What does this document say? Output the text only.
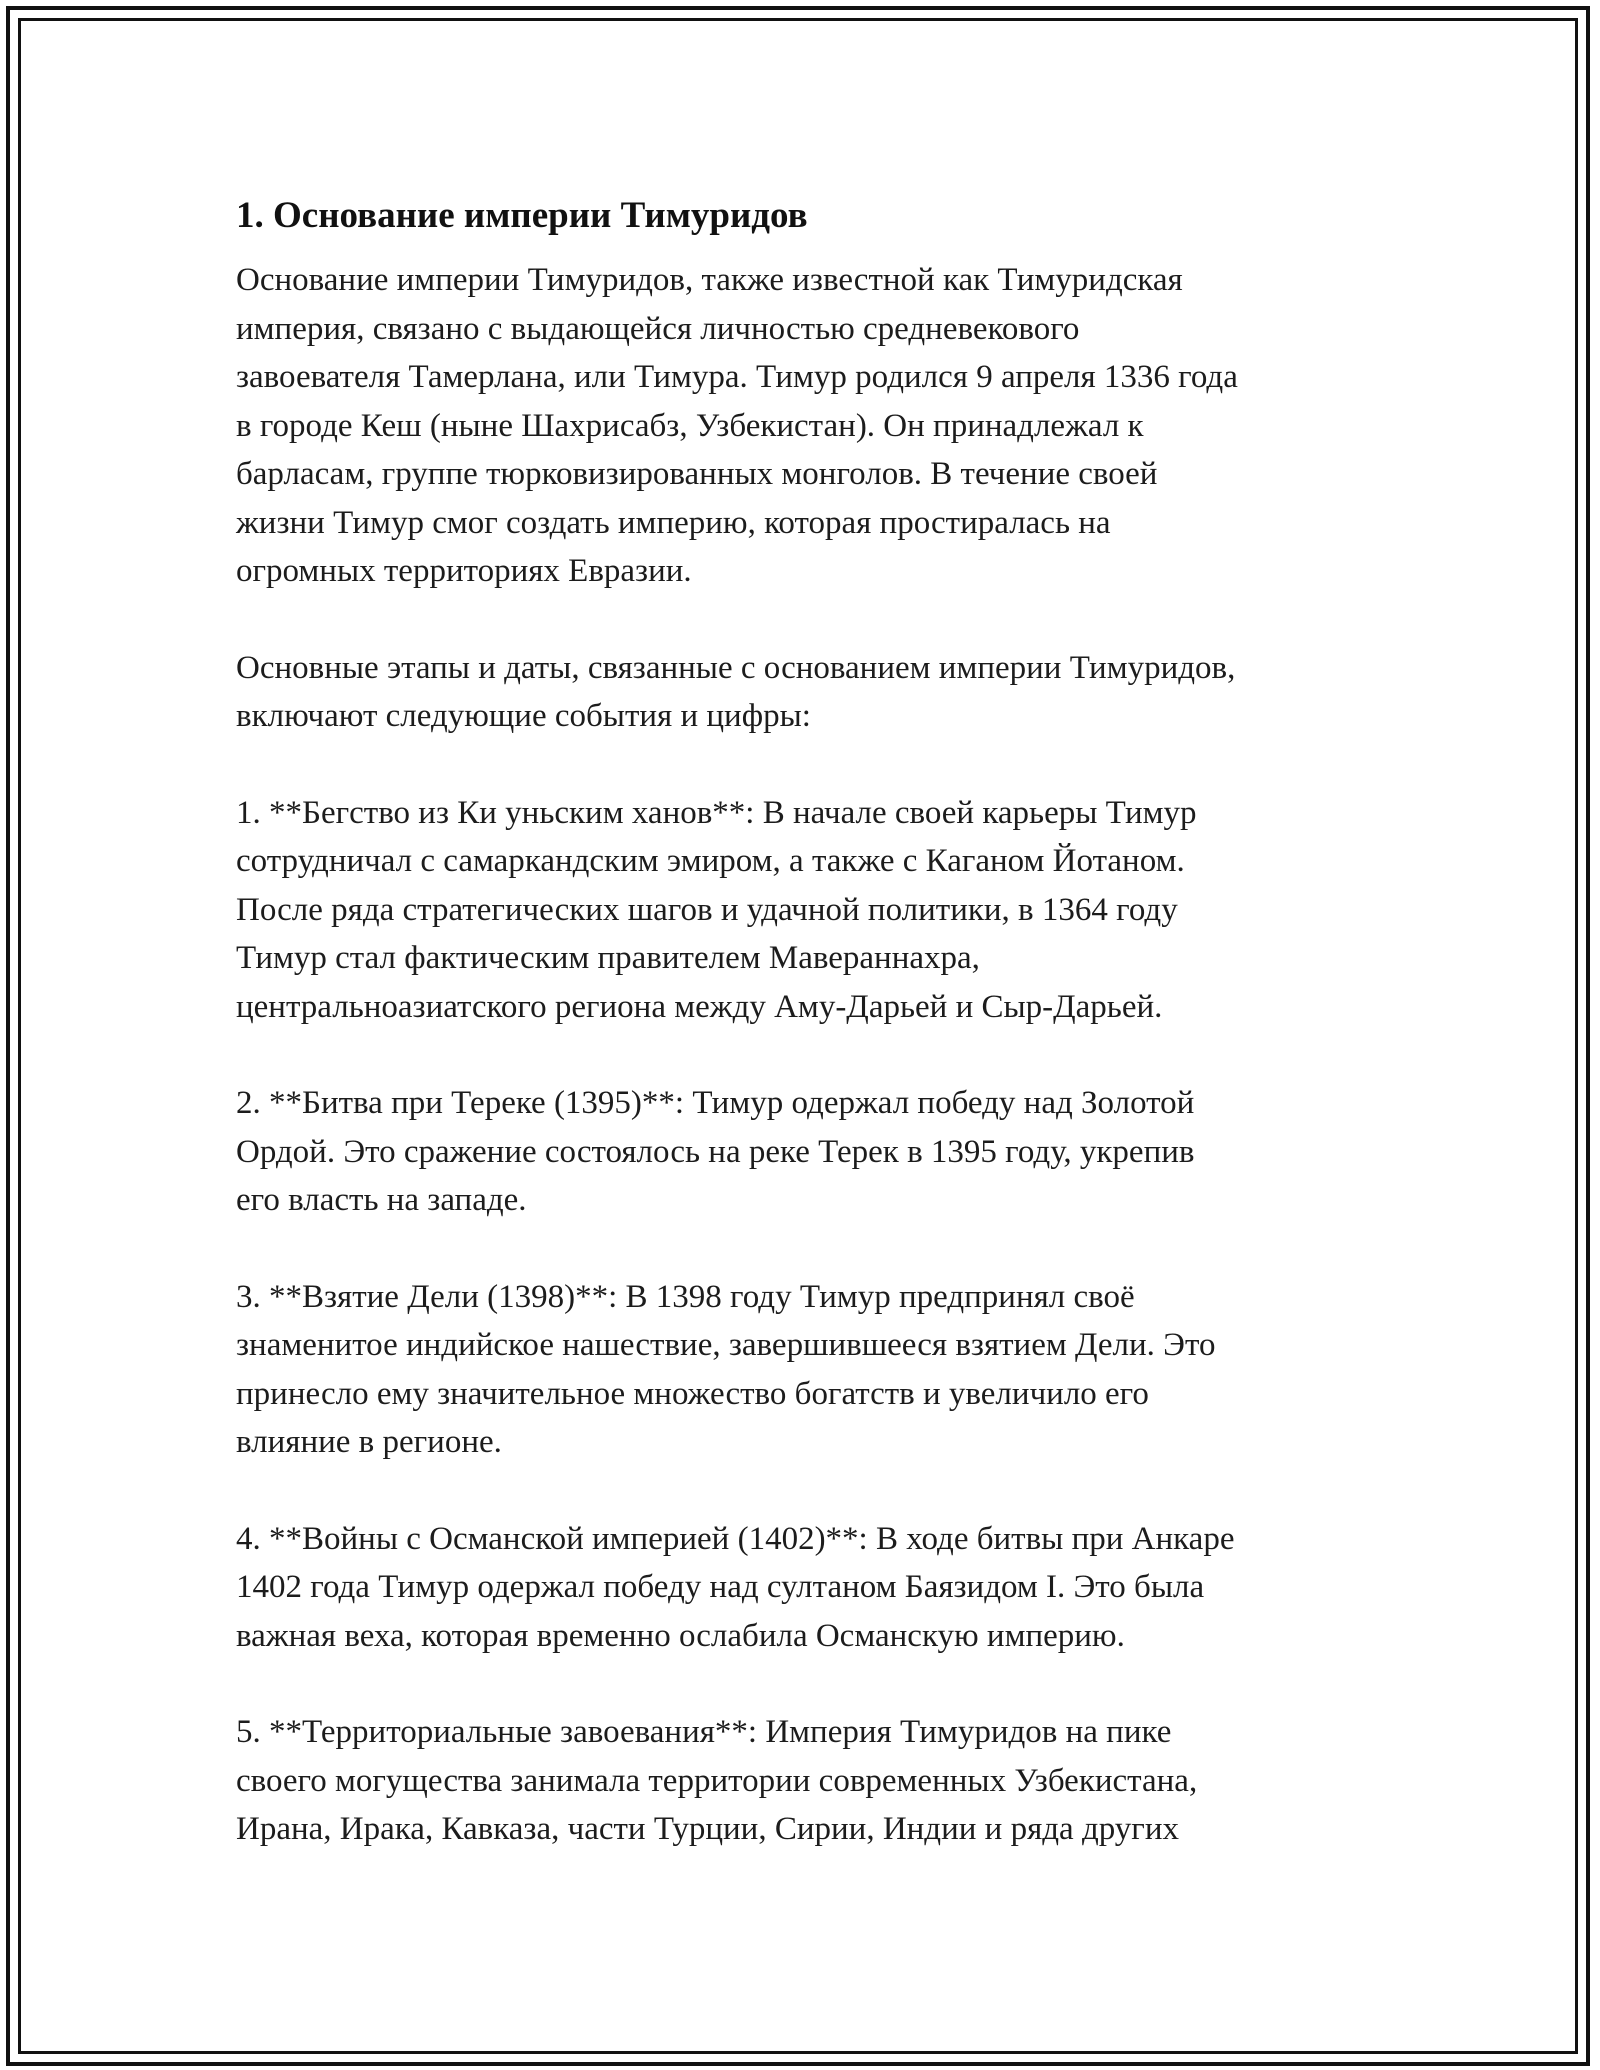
1. Основание империи Тимуридов

Основание империи Тимуридов, также известной как Тимуридская
империя, связано с выдающейся личностью средневекового
завоевателя Тамерлана, или Тимура. Тимур родился 9 апреля 1336 года
в городе Кеш (ныне Шахрисабз, Узбекистан). Он принадлежал к
барласам, группе тюрковизированных монголов. В течение своей
жизни Тимур смог создать империю, которая простиралась на
огромных территориях Евразии.

Основные этапы и даты, связанные с основанием империи Тимуридов,
включают следующие события и цифры:

1. **Бегство из Ки уньским ханов**: В начале своей карьеры Тимур
сотрудничал с самаркандским эмиром, а также с Каганом Йотаном.
После ряда стратегических шагов и удачной политики, в 1364 году
Тимур стал фактическим правителем Мавераннахра,
центральноазиатского региона между Аму-Дарьей и Сыр-Дарьей.

2. **Битва при Тереке (1395)**: Тимур одержал победу над Золотой
Ордой. Это сражение состоялось на реке Терек в 1395 году, укрепив
его власть на западе.

3. **Взятие Дели (1398)**: В 1398 году Тимур предпринял своё
знаменитое индийское нашествие, завершившееся взятием Дели. Это
принесло ему значительное множество богатств и увеличило его
влияние в регионе.

4. **Войны с Османской империей (1402)**: В ходе битвы при Анкаре
1402 года Тимур одержал победу над султаном Баязидом I. Это была
важная веха, которая временно ослабила Османскую империю.

5. **Территориальные завоевания**: Империя Тимуридов на пике
своего могущества занимала территории современных Узбекистана,
Ирана, Ирака, Кавказа, части Турции, Сирии, Индии и ряда других
